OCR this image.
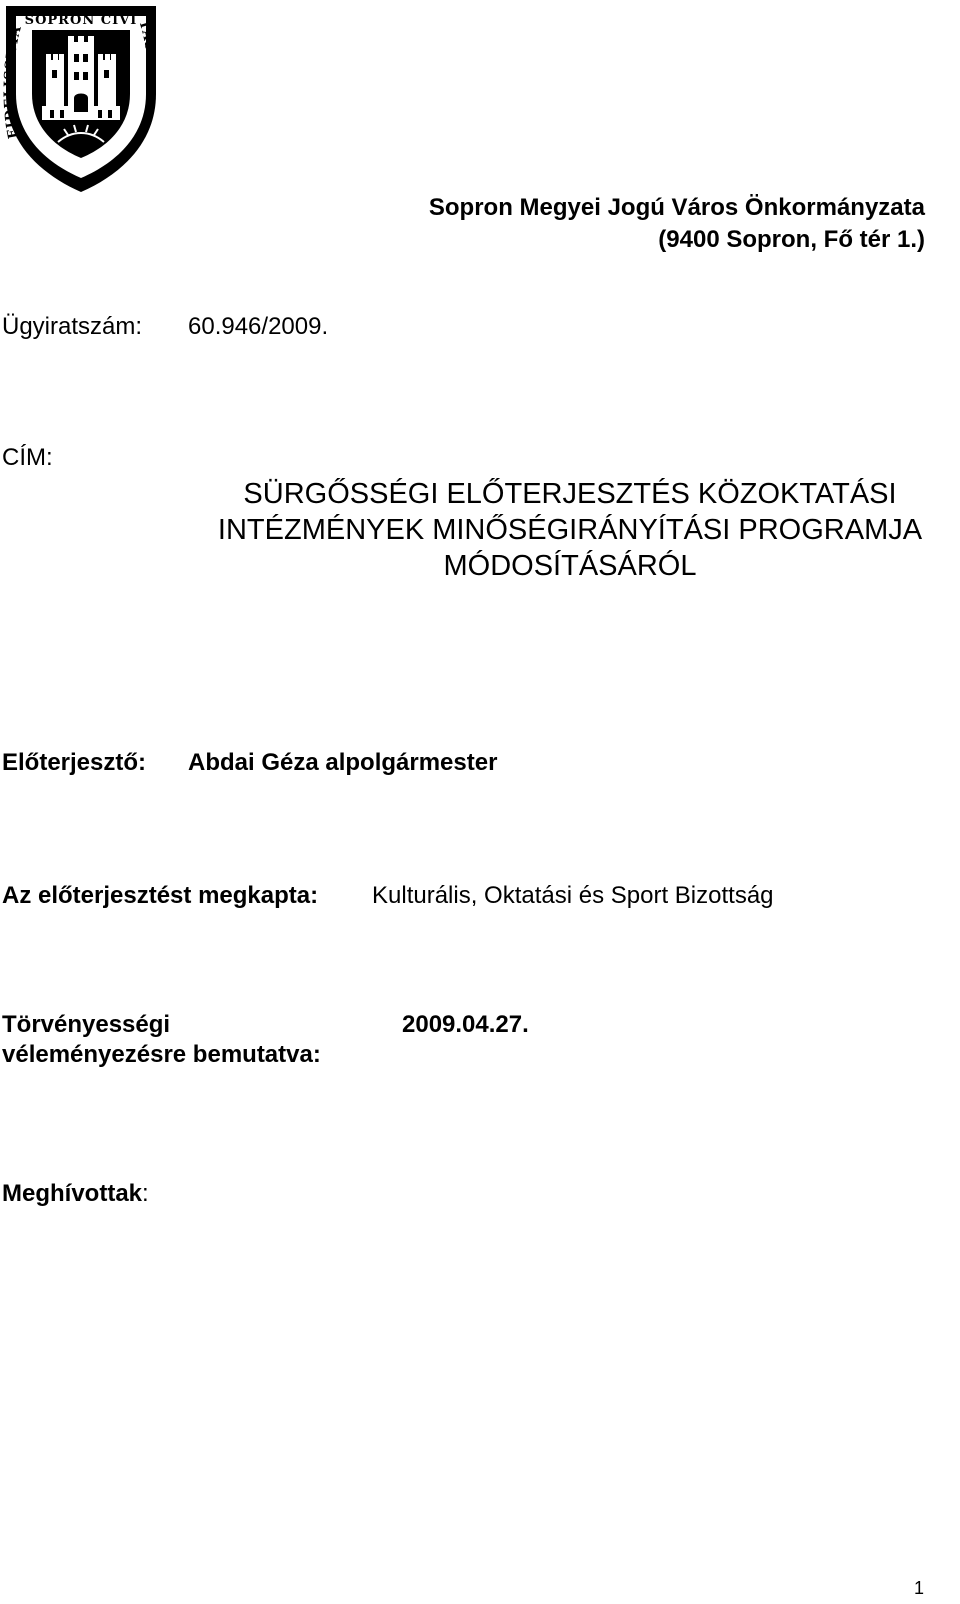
FIDELISSIMA SOPRON CIVITAS
Sopron Megyei Jogú Város Önkormányzata
(9400 Sopron, Fő tér 1.)
Ügyiratszám: 60.946/2009.
CÍM:
SÜRGŐSSÉGI ELŐTERJESZTÉS KÖZOKTATÁSI
INTÉZMÉNYEK MINŐSÉGIRÁNYÍTÁSI PROGRAMJA
MÓDOSÍTÁSÁRÓL
Előterjesztő: Abdai Géza alpolgármester
Az előterjesztést megkapta: Kulturális, Oktatási és Sport Bizottság
Törvényességi
véleményezésre bemutatva:
2009.04.27.
Meghívottak:
1
